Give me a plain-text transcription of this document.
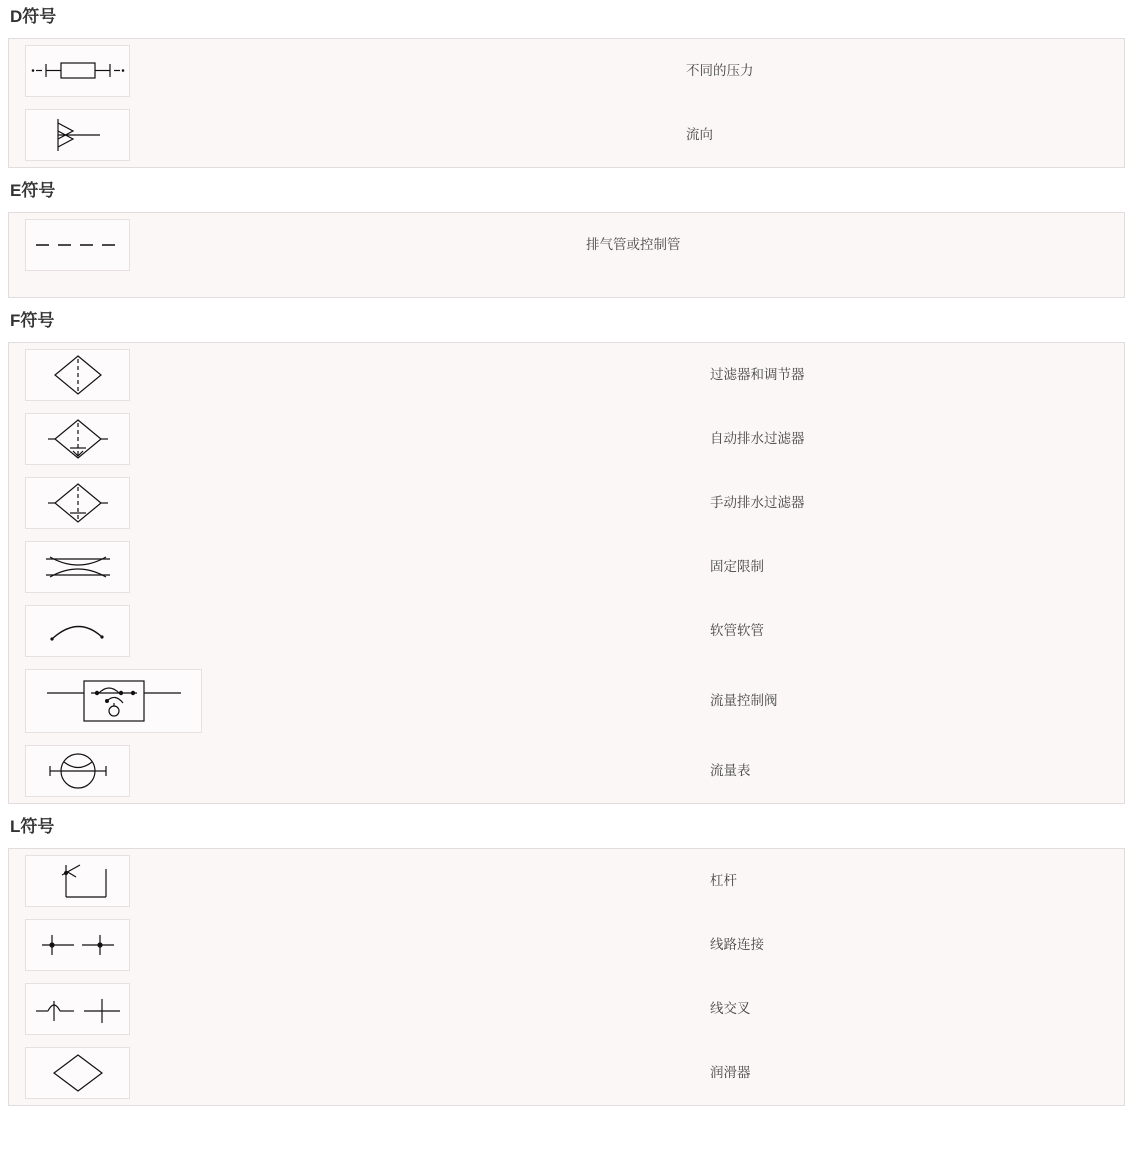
D符号
不同的压力
流向
E符号
排气管或控制管
F符号
过滤器和调节器
自动排水过滤器
手动排水过滤器
固定限制
软管软管
流量控制阀
流量表
L符号
杠杆
线路连接
线交叉
润滑器
